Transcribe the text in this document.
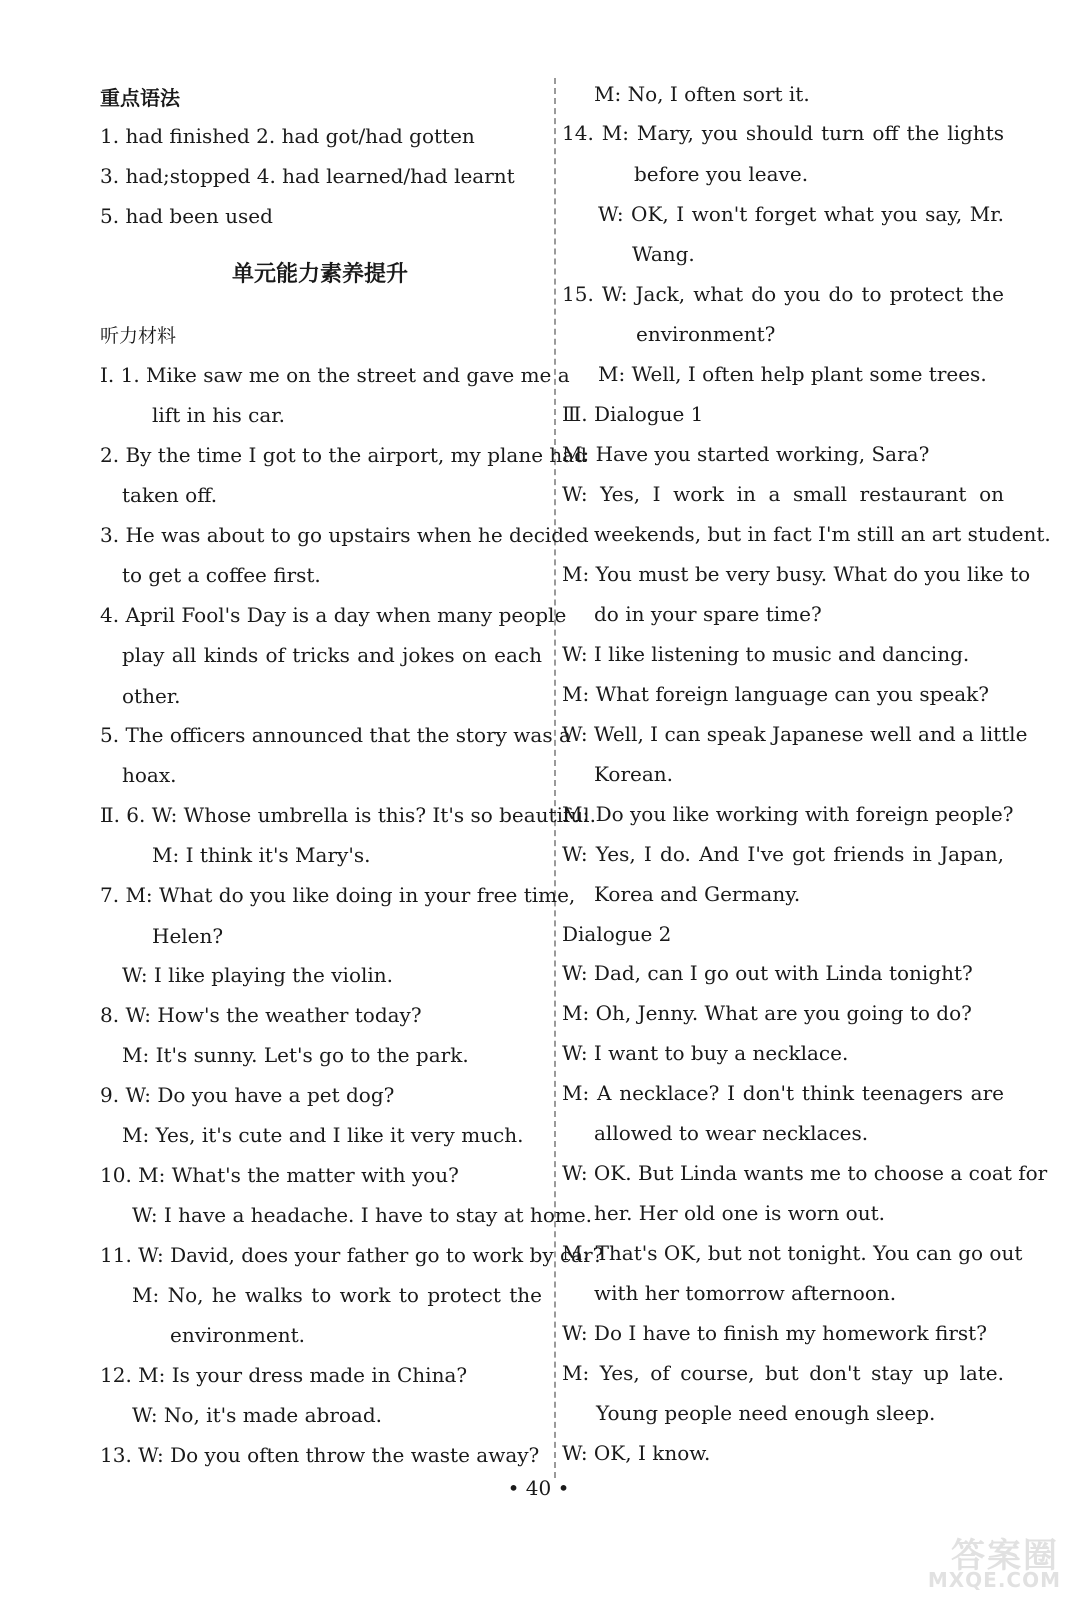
重点语法
1. had finished 2. had got/had gotten
3. had;stopped 4. had learned/had learnt
5. had been used
单元能力素养提升
听力材料
Ⅰ. 1. Mike saw me on the street and gave me a
lift in his car.
2. By the time I got to the airport, my plane had
taken off.
3. He was about to go upstairs when he decided
to get a coffee first.
4. April Fool's Day is a day when many people
play all kinds of tricks and jokes on each
other.
5. The officers announced that the story was a
hoax.
Ⅱ. 6. W: Whose umbrella is this? It's so beautiful.
M: I think it's Mary's.
7. M: What do you like doing in your free time,
Helen?
W: I like playing the violin.
8. W: How's the weather today?
M: It's sunny. Let's go to the park.
9. W: Do you have a pet dog?
M: Yes, it's cute and I like it very much.
10. M: What's the matter with you?
W: I have a headache. I have to stay at home.
11. W: David, does your father go to work by car?
M: No, he walks to work to protect the
environment.
12. M: Is your dress made in China?
W: No, it's made abroad.
13. W: Do you often throw the waste away?
M: No, I often sort it.
14. M: Mary, you should turn off the lights
before you leave.
W: OK, I won't forget what you say, Mr.
Wang.
15. W: Jack, what do you do to protect the
environment?
M: Well, I often help plant some trees.
Ⅲ. Dialogue 1
M: Have you started working, Sara?
W: Yes, I work in a small restaurant on
weekends, but in fact I'm still an art student.
M: You must be very busy. What do you like to
do in your spare time?
W: I like listening to music and dancing.
M: What foreign language can you speak?
W: Well, I can speak Japanese well and a little
Korean.
M: Do you like working with foreign people?
W: Yes, I do. And I've got friends in Japan,
Korea and Germany.
Dialogue 2
W: Dad, can I go out with Linda tonight?
M: Oh, Jenny. What are you going to do?
W: I want to buy a necklace.
M: A necklace? I don't think teenagers are
allowed to wear necklaces.
W: OK. But Linda wants me to choose a coat for
her. Her old one is worn out.
M: That's OK, but not tonight. You can go out
with her tomorrow afternoon.
W: Do I have to finish my homework first?
M: Yes, of course, but don't stay up late.
Young people need enough sleep.
W: OK, I know.
• 40 •
答案圈
MXQE.COM
